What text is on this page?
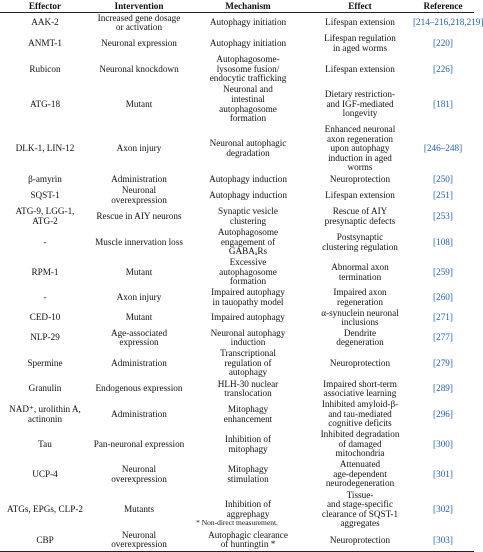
Effector	Intervention	Mechanism	Effect	Reference

AAK-2	Increased gene dosage
or activation	Autophagy initiation	Lifespan extension	[214–216,218,219]

ANMT-1	Neuronal expression	Autophagy initiation	Lifespan regulation
in aged worms	[220]

Rubicon	Neuronal knockdown	Autophagosome-
lysosome fusion/
endocytic trafficking	Lifespan extension	[226]

ATG-18	Mutant	Neuronal and
intestinal
autophagosome
formation	Dietary restriction-
and IGF-mediated
longevity	[181]

DLK-1, LIN-12	Axon injury	Neuronal autophagic
degradation	Enhanced neuronal
axon regeneration
upon autophagy
induction in aged
worms	[246–248]

β-amyrin	Administration	Autophagy induction	Neuroprotection	[250]

SQST-1	Neuronal
overexpression	Autophagy induction	Lifespan extension	[251]

ATG-9, LGG-1,
ATG-2	Rescue in AIY neurons	Synaptic vesicle
clustering	Rescue of AIY
presynaptic defects	[253]

-	Muscle innervation loss	Autophagosome
engagement of
GABAₐRs	Postsynaptic
clustering regulation	[108]

RPM-1	Mutant	Excessive
autophagosome
formation	Abnormal axon
termination	[259]

-	Axon injury	Impaired autophagy
in tauopathy model	Impaired axon
regeneration	[260]

CED-10	Mutant	Impaired autophagy	α-synuclein neuronal
inclusions	[271]

NLP-29	Age-associated
expression	Neuronal autophagy
induction	Dendrite
degeneration	[277]

Spermine	Administration	Transcriptional
regulation of
autophagy	Neuroprotection	[279]

Granulin	Endogenous expression	HLH-30 nuclear
translocation	Impaired short-term
associative learning	[289]

NAD⁺, urolithin A,
actinonin	Administration	Mitophagy
enhancement	Inhibited amyloid-β-
and tau-mediated
cognitive deficits	[296]

Tau	Pan-neuronal expression	Inhibition of
mitophagy	Inhibited degradation
of damaged
mitochondria	[300]

UCP-4	Neuronal
overexpression	Mitophagy
stimulation	Attenuated
age-dependent
neurodegeneration	[301]

ATGs, EPGs, CLP-2	Mutants	Inhibition of
aggrephagy	Tissue-
and stage-specific
clearance of SQST-1
aggregates	[302]

CBP	Neuronal
overexpression	Autophagic clearance
of huntingtin *	Neuroprotection	[303]
* Non-direct measurement.
